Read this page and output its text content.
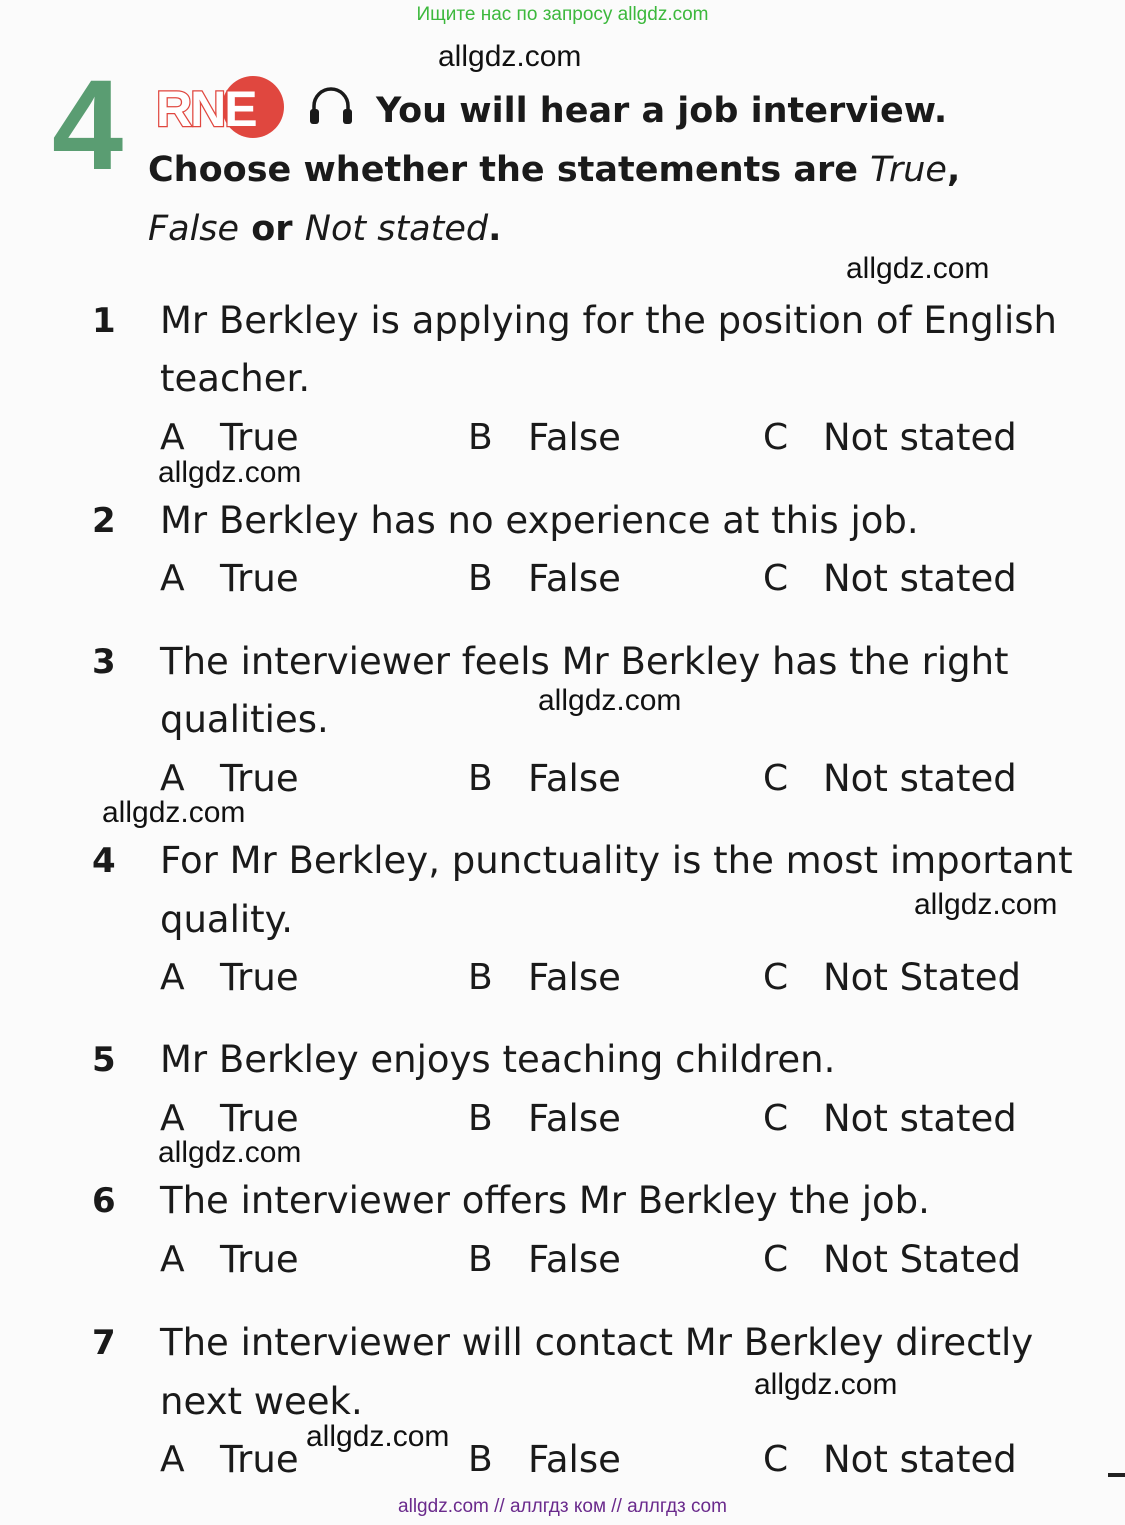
Ищите нас по запросу allgdz.com
allgdz.com
allgdz.com
allgdz.com
allgdz.com
allgdz.com
allgdz.com
allgdz.com
allgdz.com
allgdz.com
4 RNE	You will hear a job interview.
Choose whether the statements are True,
False or Not stated.
1 Mr Berkley is applying for the position of English
teacher.
A True	B False	C Not stated
2 Mr Berkley has no experience at this job.
A True	B False	C Not stated
3 The interviewer feels Mr Berkley has the right
qualities.
A True	B False	C Not stated
4 For Mr Berkley, punctuality is the most important
quality.
A True	B False	C Not Stated
5 Mr Berkley enjoys teaching children.
A True	B False	C Not stated
6 The interviewer offers Mr Berkley the job.
A True	B False	C Not Stated
7 The interviewer will contact Mr Berkley directly
next week.
A True	B False	C Not stated
allgdz.com // аллгдз ком // аллгдз com
